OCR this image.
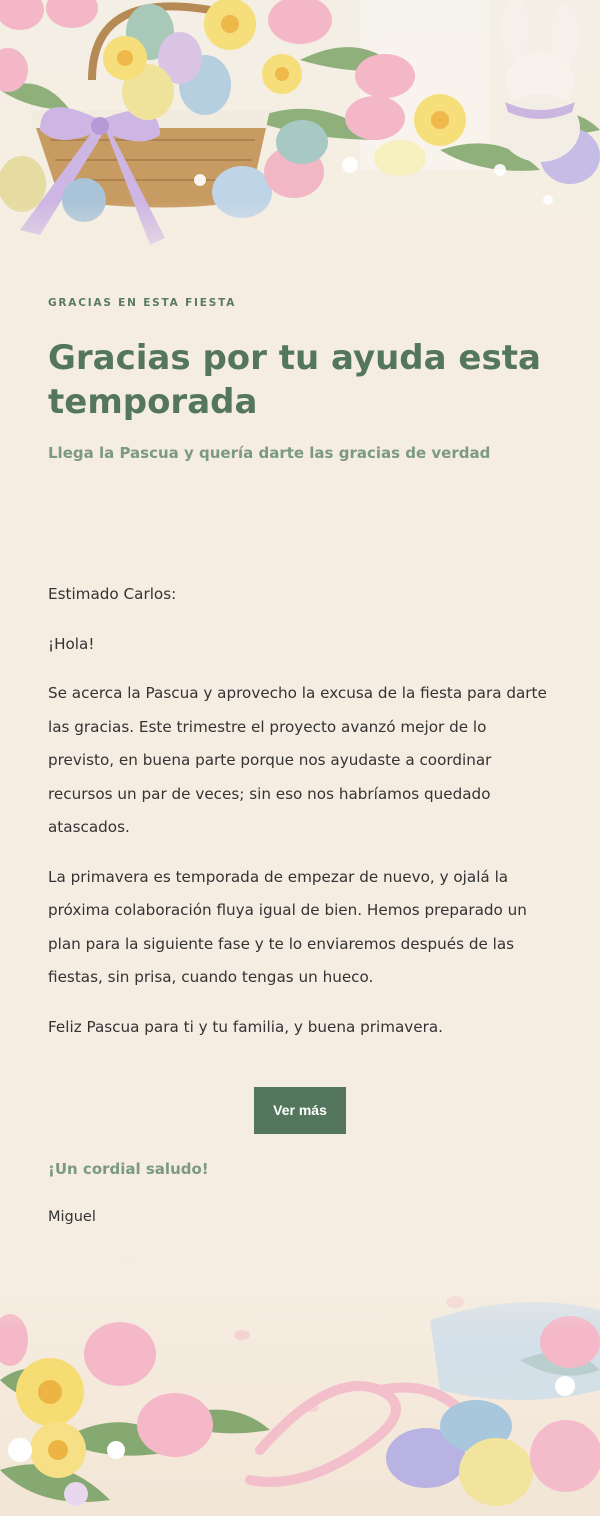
GRACIAS EN ESTA FIESTA
Gracias por tu ayuda esta temporada

Llega la Pascua y quería darte las gracias de verdad

Estimado Carlos:

¡Hola!

Se acerca la Pascua y aprovecho la excusa de la fiesta para darte las gracias. Este trimestre el proyecto avanzó mejor de lo previsto, en buena parte porque nos ayudaste a coordinar recursos un par de veces; sin eso nos habríamos quedado atascados.

La primavera es temporada de empezar de nuevo, y ojalá la próxima colaboración fluya igual de bien. Hemos preparado un plan para la siguiente fase y te lo enviaremos después de las fiestas, sin prisa, cuando tengas un hueco.

Feliz Pascua para ti y tu familia, y buena primavera.

Ver más
¡Un cordial saludo!
Miguel
